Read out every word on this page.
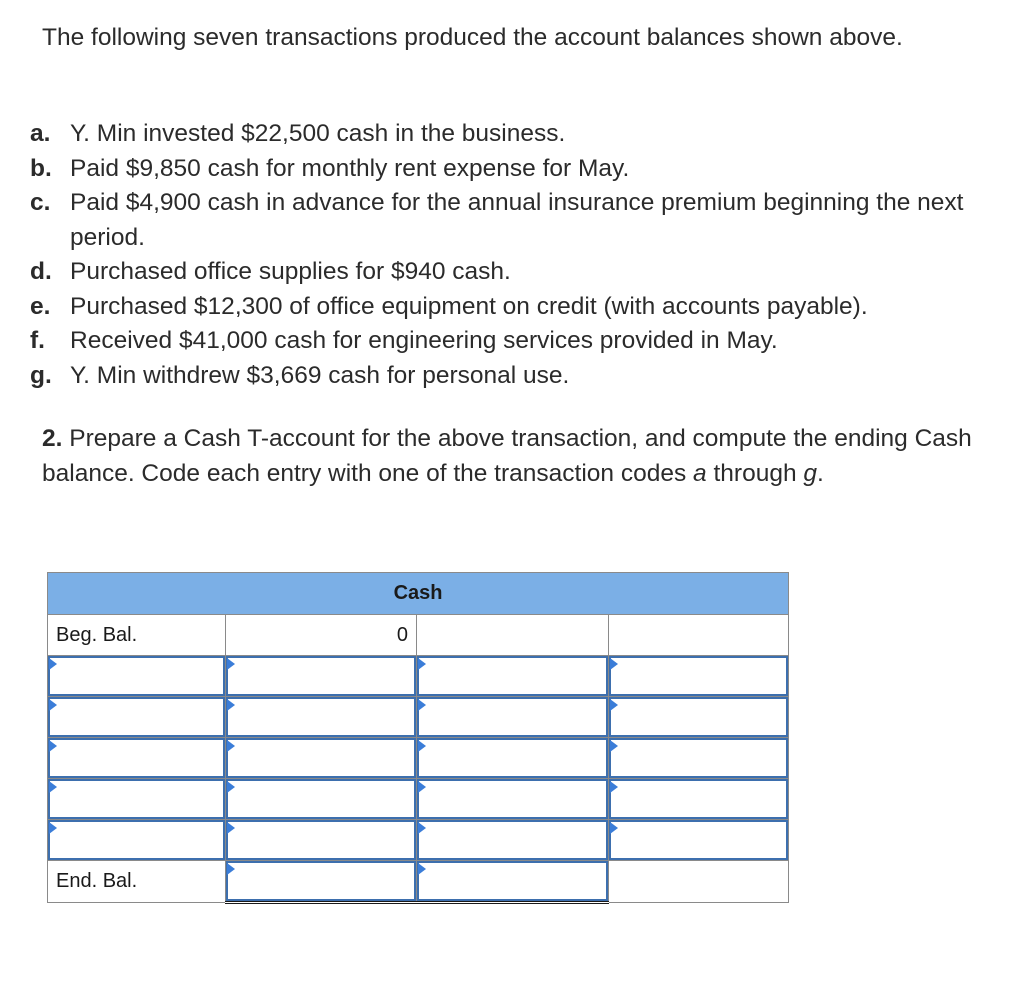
The following seven transactions produced the account balances shown above.

a. Y. Min invested $22,500 cash in the business.
b. Paid $9,850 cash for monthly rent expense for May.
c. Paid $4,900 cash in advance for the annual insurance premium beginning the next period.
d. Purchased office supplies for $940 cash.
e. Purchased $12,300 of office equipment on credit (with accounts payable).
f.	Received $41,000 cash for engineering services provided in May.
g. Y. Min withdrew $3,669 cash for personal use.

2. Prepare a Cash T-account for the above transaction, and compute the ending Cash balance. Code each entry with one of the transaction codes a through g.

Cash			
Beg. Bal.	0		

End. Bal.	
